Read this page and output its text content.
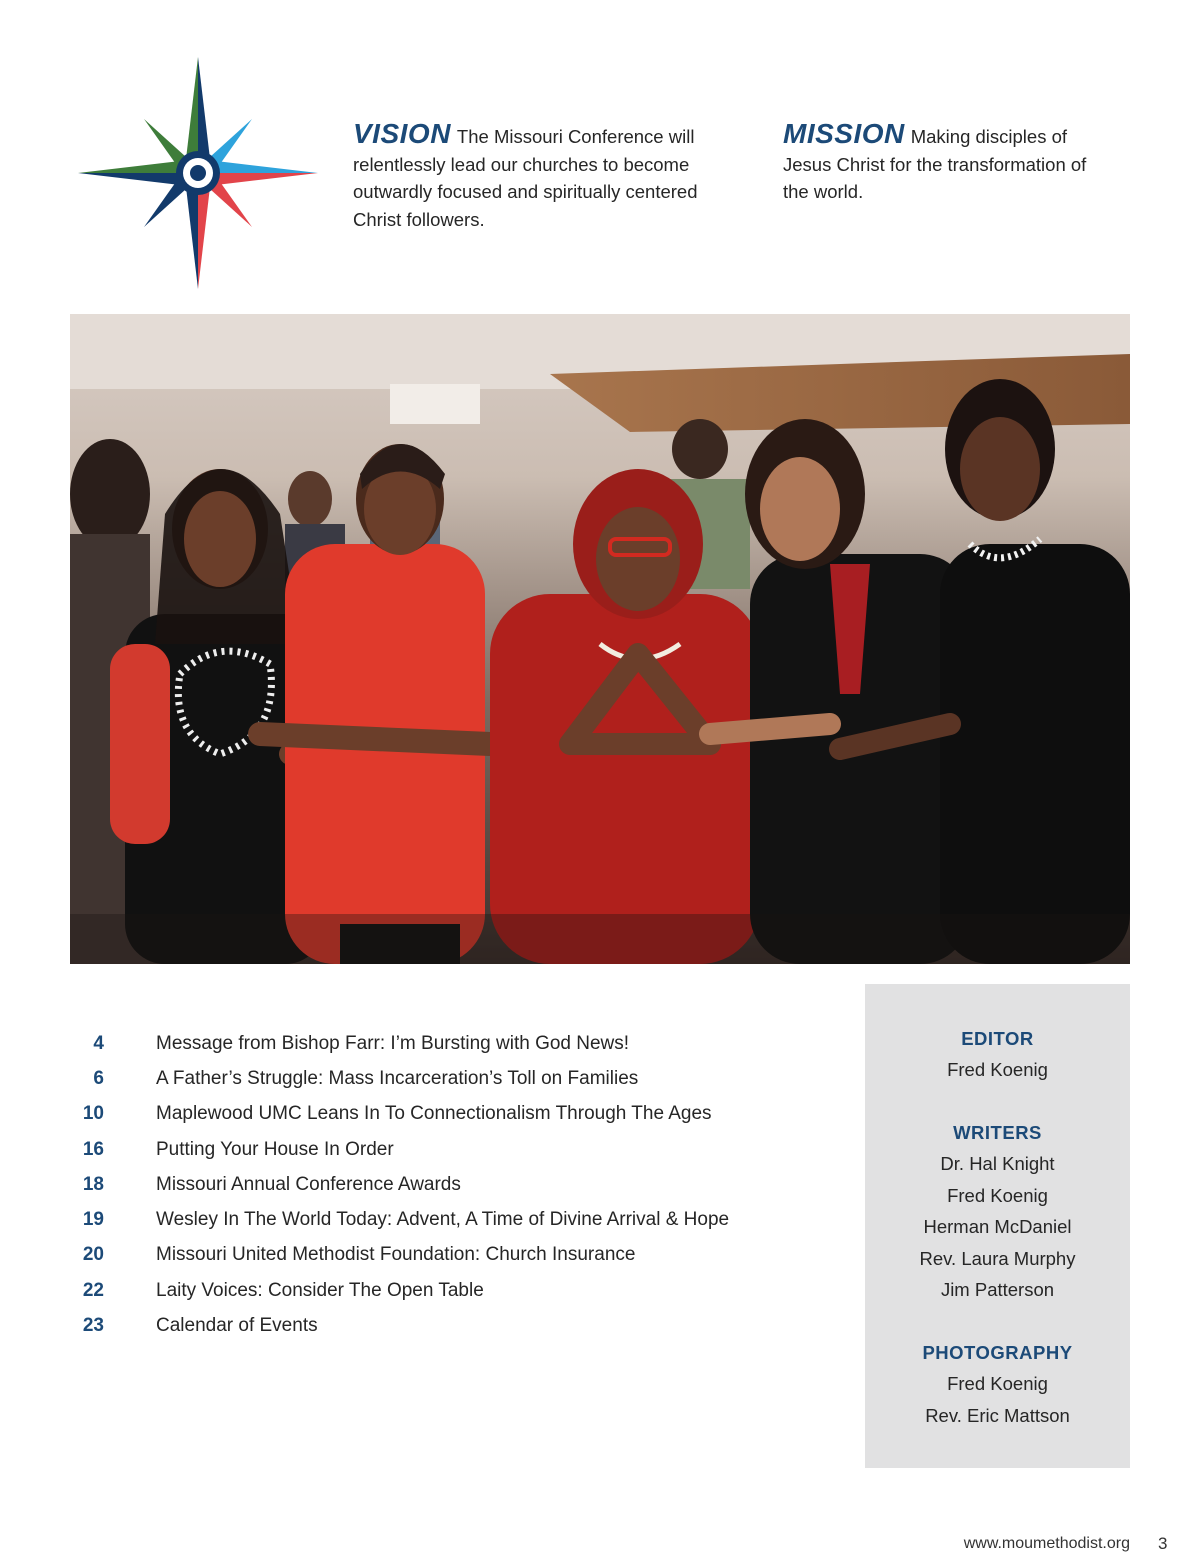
VISION The Missouri Conference will relentlessly lead our churches to become outwardly focused and spiritually centered Christ followers.
MISSION Making disciples of Jesus Christ for the transformation of the world.
4	Message from Bishop Farr: I’m Bursting with God News!
6	A Father’s Struggle: Mass Incarceration’s Toll on Families
10	Maplewood UMC Leans In To Connectionalism Through The Ages
16	Putting Your House In Order
18	Missouri Annual Conference Awards
19	Wesley In The World Today: Advent, A Time of Divine Arrival & Hope
20	Missouri United Methodist Foundation: Church Insurance
22	Laity Voices: Consider The Open Table
23	Calendar of Events
EDITOR
Fred Koenig
WRITERS
Dr. Hal Knight
Fred Koenig
Herman McDaniel
Rev. Laura Murphy
Jim Patterson
PHOTOGRAPHY
Fred Koenig
Rev. Eric Mattson
www.moumethodist.org 3
